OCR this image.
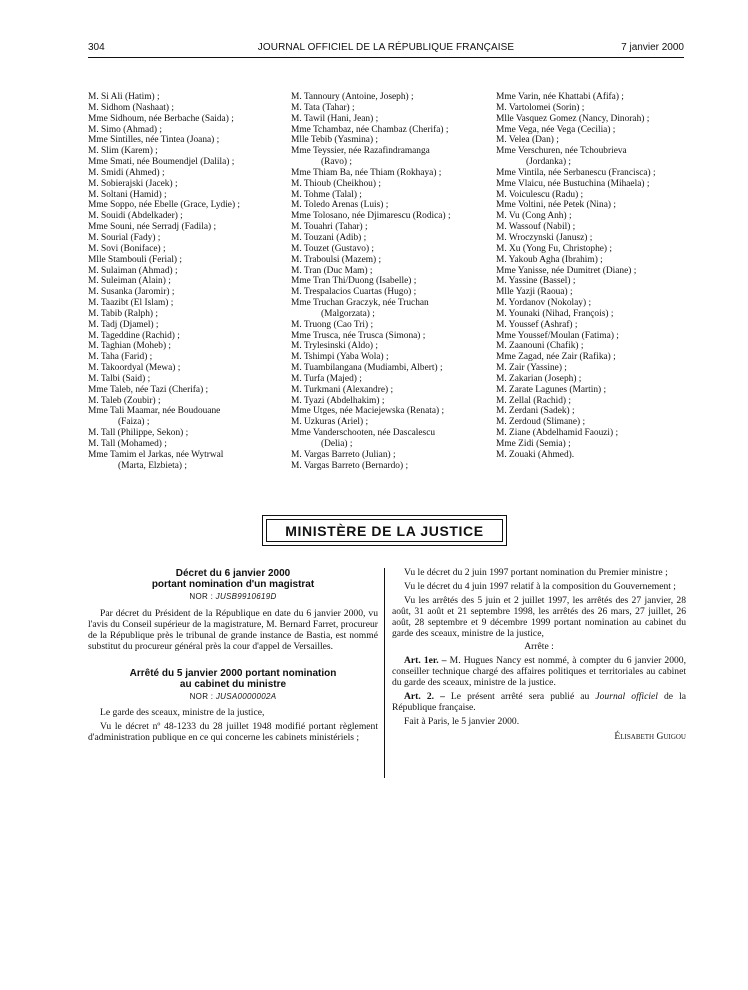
304	JOURNAL OFFICIEL DE LA RÉPUBLIQUE FRANÇAISE	7 janvier 2000
M. Si Ali (Hatim) ;
M. Sidhom (Nashaat) ;
Mme Sidhoum, née Berbache (Saida) ;
M. Simo (Ahmad) ;
Mme Sintilles, née Tintea (Joana) ;
M. Slim (Karem) ;
Mme Smati, née Boumendjel (Dalila) ;
M. Smidi (Ahmed) ;
M. Sobierajski (Jacek) ;
M. Soltani (Hamid) ;
Mme Soppo, née Ebelle (Grace, Lydie) ;
M. Souidi (Abdelkader) ;
Mme Souni, née Serradj (Fadila) ;
M. Sourial (Fady) ;
M. Sovi (Boniface) ;
Mlle Stambouli (Ferial) ;
M. Sulaiman (Ahmad) ;
M. Suleiman (Alain) ;
M. Susanka (Jaromir) ;
M. Taazibt (El Islam) ;
M. Tabib (Ralph) ;
M. Tadj (Djamel) ;
M. Tageddine (Rachid) ;
M. Taghian (Moheb) ;
M. Taha (Farid) ;
M. Takoordyal (Mewa) ;
M. Talbi (Said) ;
Mme Taleb, née Tazi (Cherifa) ;
M. Taleb (Zoubir) ;
Mme Tali Maamar, née Boudouane
(Faiza) ;
M. Tall (Philippe, Sekon) ;
M. Tall (Mohamed) ;
Mme Tamim el Jarkas, née Wytrwal
(Marta, Elzbieta) ;
M. Tannoury (Antoine, Joseph) ;
M. Tata (Tahar) ;
M. Tawil (Hani, Jean) ;
Mme Tchambaz, née Chambaz (Cherifa) ;
Mlle Tebib (Yasmina) ;
Mme Teyssier, née Razafindramanga
(Ravo) ;
Mme Thiam Ba, née Thiam (Rokhaya) ;
M. Thioub (Cheikhou) ;
M. Tohme (Talal) ;
M. Toledo Arenas (Luis) ;
Mme Tolosano, née Djimarescu (Rodica) ;
M. Touahri (Tahar) ;
M. Touzani (Adib) ;
M. Touzet (Gustavo) ;
M. Traboulsi (Mazem) ;
M. Tran (Duc Mam) ;
Mme Tran Thi/Duong (Isabelle) ;
M. Trespalacios Cuartas (Hugo) ;
Mme Truchan Graczyk, née Truchan
(Malgorzata) ;
M. Truong (Cao Tri) ;
Mme Trusca, née Trusca (Simona) ;
M. Trylesinski (Aldo) ;
M. Tshimpi (Yaba Wola) ;
M. Tuambilangana (Mudiambi, Albert) ;
M. Turfa (Majed) ;
M. Turkmani (Alexandre) ;
M. Tyazi (Abdelhakim) ;
Mme Utges, née Maciejewska (Renata) ;
M. Uzkuras (Ariel) ;
Mme Vanderschooten, née Dascalescu
(Delia) ;
M. Vargas Barreto (Julian) ;
M. Vargas Barreto (Bernardo) ;
Mme Varin, née Khattabi (Afifa) ;
M. Vartolomei (Sorin) ;
Mlle Vasquez Gomez (Nancy, Dinorah) ;
Mme Vega, née Vega (Cecilia) ;
M. Velea (Dan) ;
Mme Verschuren, née Tchoubrieva
(Jordanka) ;
Mme Vintila, née Serbanescu (Francisca) ;
Mme Vlaicu, née Bustuchina (Mihaela) ;
M. Voiculescu (Radu) ;
Mme Voltini, née Petek (Nina) ;
M. Vu (Cong Anh) ;
M. Wassouf (Nabil) ;
M. Wroczynski (Janusz) ;
M. Xu (Yong Fu, Christophe) ;
M. Yakoub Agha (Ibrahim) ;
Mme Yanisse, née Dumitret (Diane) ;
M. Yassine (Bassel) ;
Mlle Yazji (Raoua) ;
M. Yordanov (Nokolay) ;
M. Younaki (Nihad, François) ;
M. Youssef (Ashraf) ;
Mme Youssef/Moulan (Fatima) ;
M. Zaanouni (Chafik) ;
Mme Zagad, née Zair (Rafika) ;
M. Zair (Yassine) ;
M. Zakarian (Joseph) ;
M. Zarate Lagunes (Martin) ;
M. Zellal (Rachid) ;
M. Zerdani (Sadek) ;
M. Zerdoud (Slimane) ;
M. Ziane (Abdelhamid Faouzi) ;
Mme Zidi (Semia) ;
M. Zouaki (Ahmed).
MINISTÈRE DE LA JUSTICE
Décret du 6 janvier 2000
portant nomination d'un magistrat
NOR : JUSB9910619D

Par décret du Président de la République en date du 6 janvier 2000, vu l'avis du Conseil supérieur de la magistrature, M. Bernard Farret, procureur de la République près le tribunal de grande instance de Bastia, est nommé substitut du procureur général près la cour d'appel de Versailles.

Arrêté du 5 janvier 2000 portant nomination
au cabinet du ministre
NOR : JUSA0000002A

Le garde des sceaux, ministre de la justice,

Vu le décret nº 48-1233 du 28 juillet 1948 modifié portant règlement d'administration publique en ce qui concerne les cabinets ministériels ;

Vu le décret du 2 juin 1997 portant nomination du Premier ministre ;

Vu le décret du 4 juin 1997 relatif à la composition du Gouvernement ;

Vu les arrêtés des 5 juin et 2 juillet 1997, les arrêtés des 27 janvier, 28 août, 31 août et 21 septembre 1998, les arrêtés des 26 mars, 27 juillet, 26 août, 28 septembre et 9 décembre 1999 portant nomination au cabinet du garde des sceaux, ministre de la justice,

Arrête :

Art. 1er. – M. Hugues Nancy est nommé, à compter du 6 janvier 2000, conseiller technique chargé des affaires politiques et territoriales au cabinet du garde des sceaux, ministre de la justice.

Art. 2. – Le présent arrêté sera publié au Journal officiel de la République française.

Fait à Paris, le 5 janvier 2000.

Élisabeth Guigou
